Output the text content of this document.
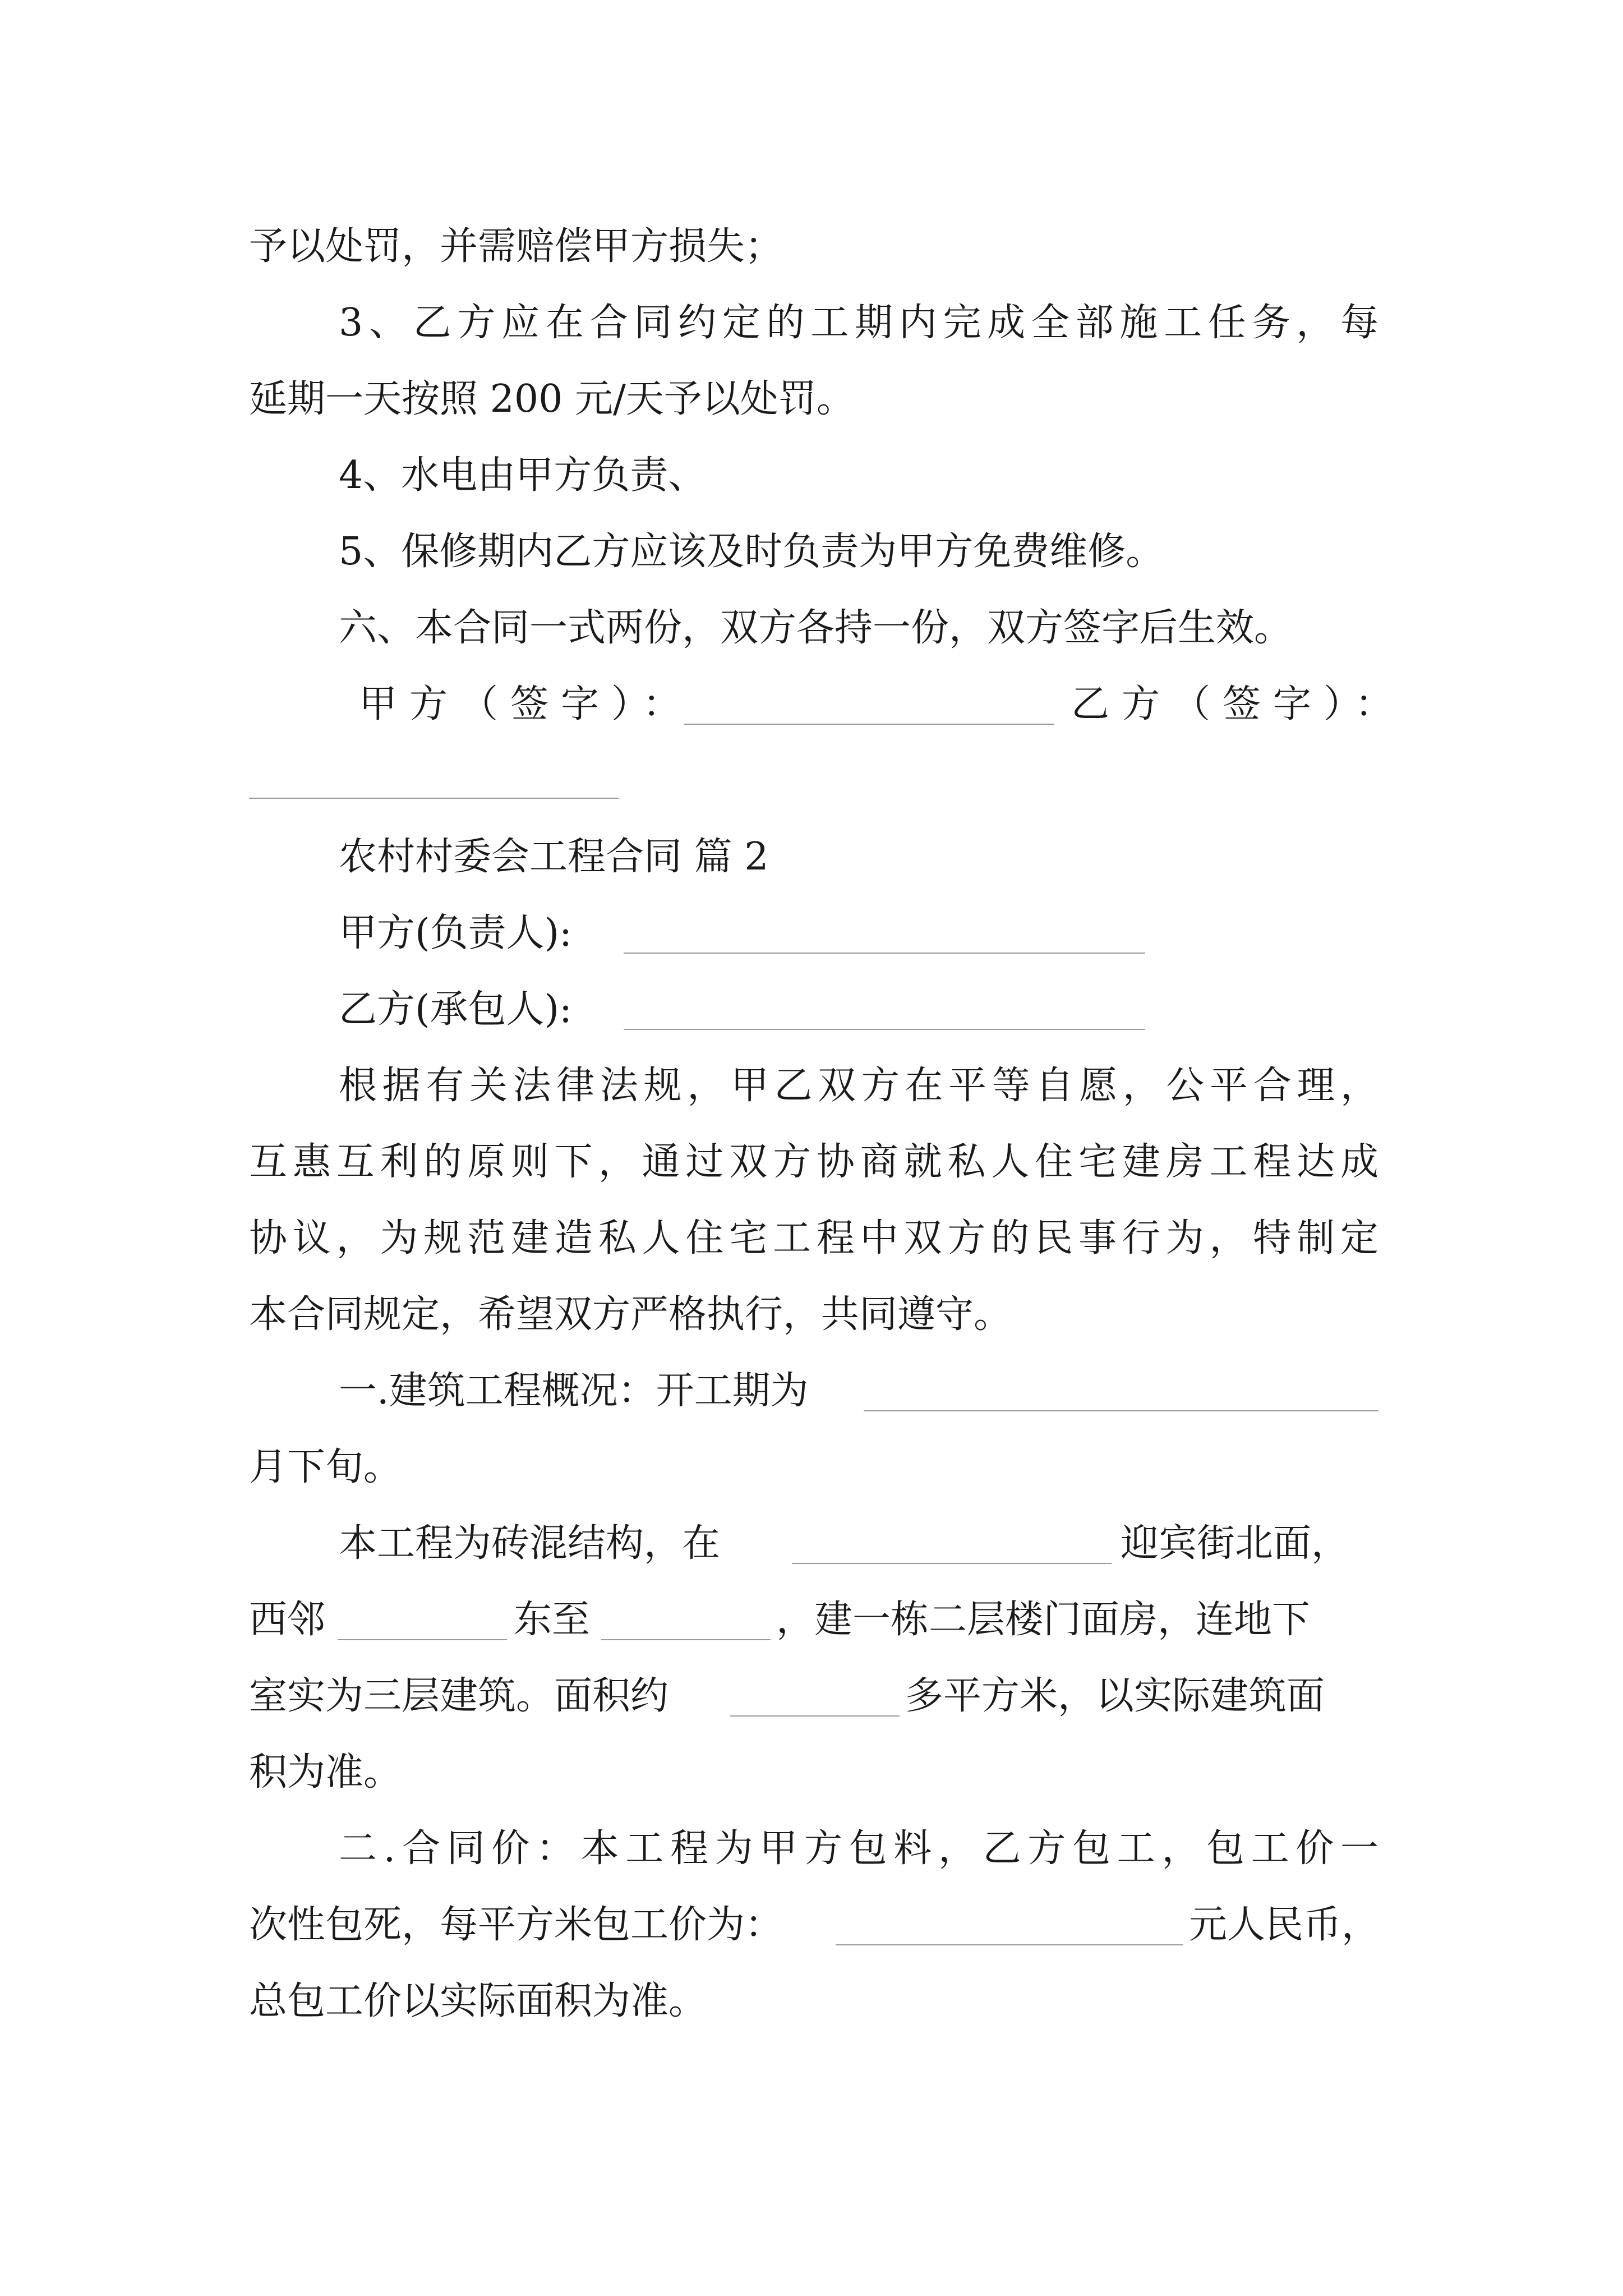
予以处罚，并需赔偿甲方损失；
3、乙方应在合同约定的工期内完成全部施工任务，每
延期一天按照 200 元/天予以处罚。
4、水电由甲方负责、
5、保修期内乙方应该及时负责为甲方免费维修。
六、本合同一式两份，双方各持一份，双方签字后生效。
甲方（签字）：	乙方（签字）：
农村村委会工程合同 篇 2
甲方(负责人):
乙方(承包人):
根据有关法律法规，甲乙双方在平等自愿，公平合理，
互惠互利的原则下，通过双方协商就私人住宅建房工程达成
协议，为规范建造私人住宅工程中双方的民事行为，特制定
本合同规定，希望双方严格执行，共同遵守。
一.建筑工程概况：开工期为
月下旬。
本工程为砖混结构，在	迎宾街北面，
西邻	东至	，建一栋二层楼门面房，连地下
室实为三层建筑。面积约	多平方米，以实际建筑面
积为准。
二.合同价：本工程为甲方包料，乙方包工，包工价一
次性包死，每平方米包工价为：	元人民币，
总包工价以实际面积为准。
